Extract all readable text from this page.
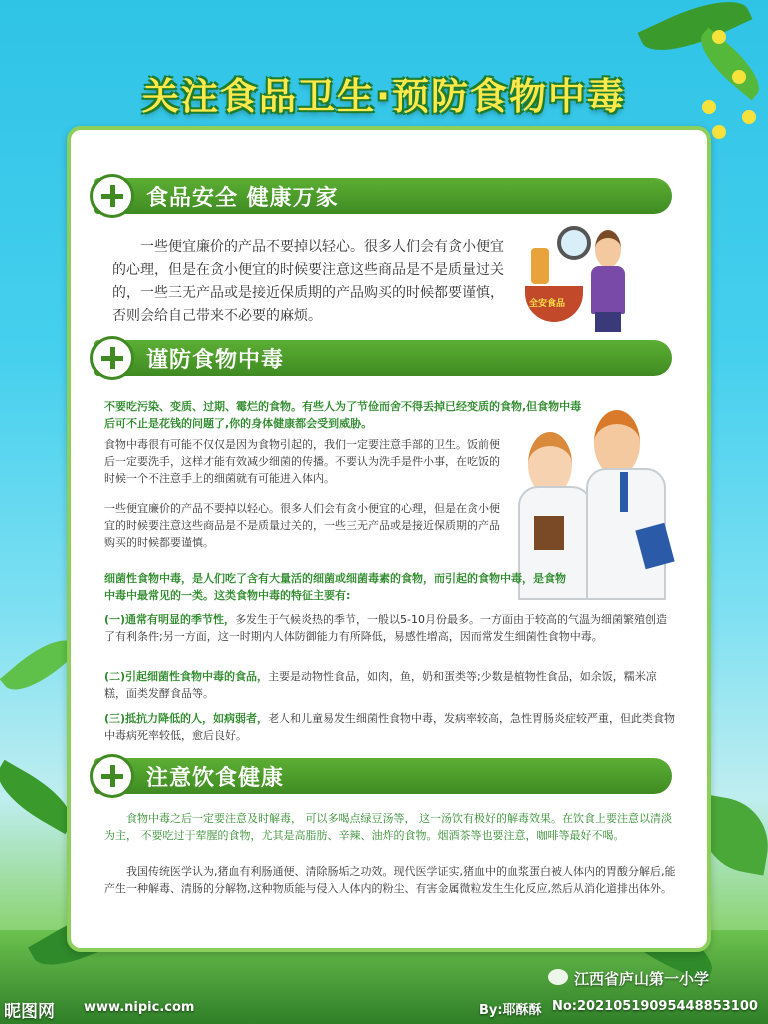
关注食品卫生·预防食物中毒
食品安全 健康万家
一些便宜廉价的产品不要掉以轻心。很多人们会有贪小便宜的心理，但是在贪小便宜的时候要注意这些商品是不是质量过关的，一些三无产品或是接近保质期的产品购买的时候都要谨慎，否则会给自己带来不必要的麻烦。
全安食品
谨防食物中毒
不要吃污染、变质、过期、霉烂的食物。有些人为了节俭而舍不得丢掉已经变质的食物,但食物中毒后可不止是花钱的问题了,你的身体健康都会受到威胁。
食物中毒很有可能不仅仅是因为食物引起的，我们一定要注意手部的卫生。饭前便后一定要洗手，这样才能有效减少细菌的传播。不要认为洗手是件小事，在吃饭的时候一个不注意手上的细菌就有可能进入体内。
一些便宜廉价的产品不要掉以轻心。很多人们会有贪小便宜的心理，但是在贪小便宜的时候要注意这些商品是不是质量过关的，一些三无产品或是接近保质期的产品购买的时候都要谨慎。
细菌性食物中毒，是人们吃了含有大量活的细菌或细菌毒素的食物，而引起的食物中毒，是食物中毒中最常见的一类。这类食物中毒的特征主要有:
(一)通常有明显的季节性，多发生于气候炎热的季节，一般以5-10月份最多。一方面由于较高的气温为细菌繁殖创造了有利条件;另一方面，这一时期内人体防御能力有所降低，易感性增高，因而常发生细菌性食物中毒。
(二)引起细菌性食物中毒的食品，主要是动物性食品，如肉，鱼，奶和蛋类等;少数是植物性食品，如余饭，糯米凉糕，面类发酵食品等。
(三)抵抗力降低的人，如病弱者，老人和儿童易发生细菌性食物中毒，发病率较高，急性胃肠炎症较严重，但此类食物中毒病死率较低，愈后良好。
注意饮食健康
食物中毒之后一定要注意及时解毒， 可以多喝点绿豆汤等， 这一汤饮有极好的解毒效果。在饮食上要注意以清淡为主， 不要吃过于荤腥的食物，尤其是高脂肪、辛辣、油炸的食物。烟酒茶等也要注意，咖啡等最好不喝。
我国传统医学认为,猪血有利肠通便、清除肠垢之功效。现代医学证实,猪血中的血浆蛋白被人体内的胃酸分解后,能产生一种解毒、清肠的分解物,这种物质能与侵入人体内的粉尘、有害金属微粒发生生化反应,然后从消化道排出体外。
昵图网 www.nipic.com
江西省庐山第一小学
By:耶酥酥 No:20210519095448853100
